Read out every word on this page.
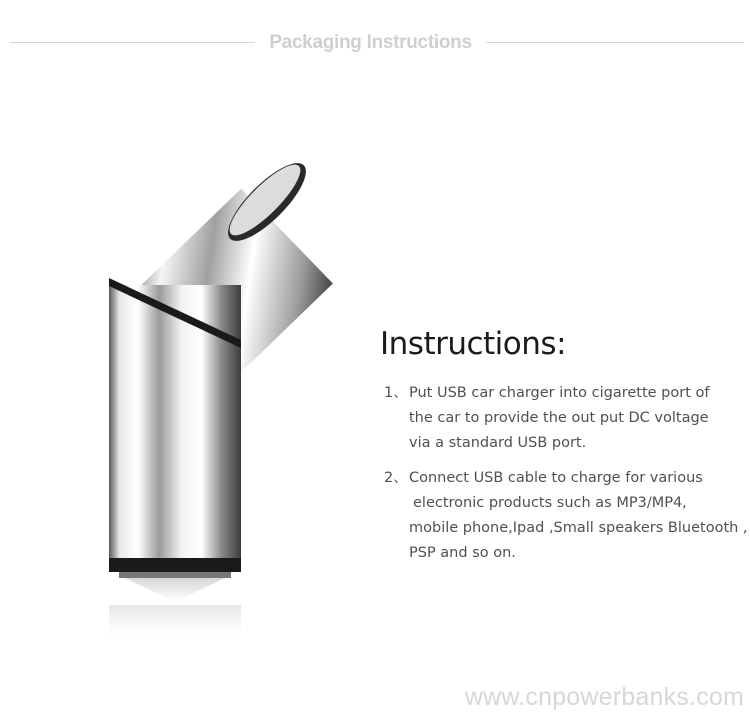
Packaging Instructions
Instructions:
1、Put USB car charger into cigarette port of
the car to provide the out put DC voltage
via a standard USB port.
2、Connect USB cable to charge for various
electronic products such as MP3/MP4,
mobile phone,Ipad ,Small speakers Bluetooth ,
PSP and so on.
www.cnpowerbanks.com
